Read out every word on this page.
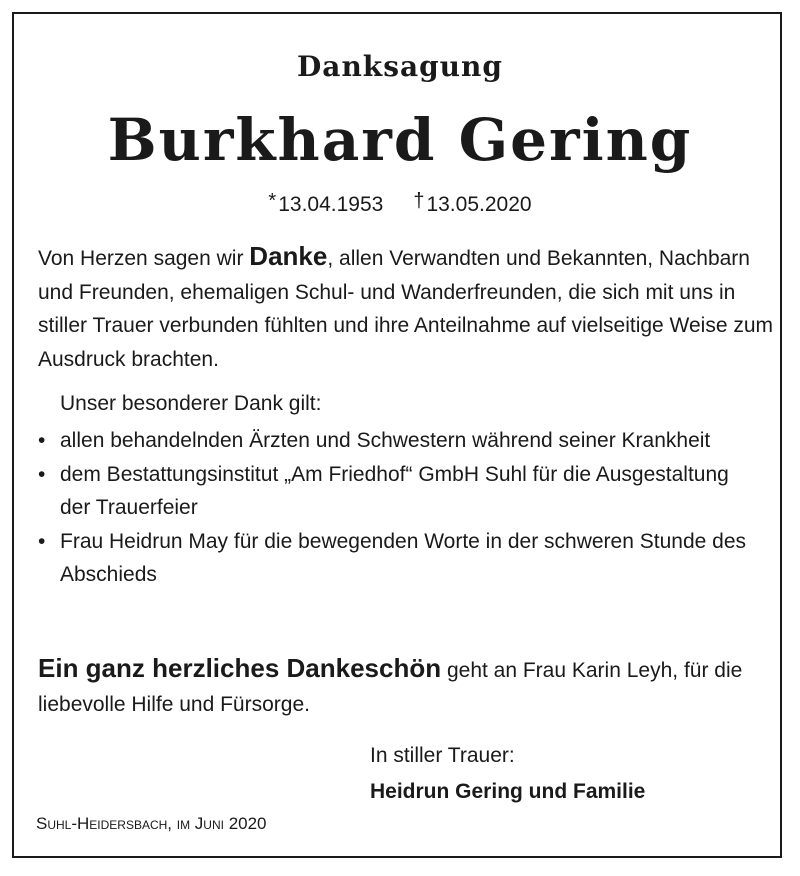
Danksagung
Burkhard Gering
*13.04.1953 †13.05.2020
Von Herzen sagen wir Danke, allen Verwandten und Bekannten, Nachbarn und Freunden, ehemaligen Schul- und Wanderfreunden, die sich mit uns in stiller Trauer verbunden fühlten und ihre Anteilnahme auf vielseitige Weise zum Ausdruck brachten.
Unser besonderer Dank gilt:
• allen behandelnden Ärzten und Schwestern während seiner Krankheit
• dem Bestattungsinstitut „Am Friedhof“ GmbH Suhl für die Ausgestaltung der Trauerfeier
• Frau Heidrun May für die bewegenden Worte in der schweren Stunde des Abschieds
Ein ganz herzliches Dankeschön geht an Frau Karin Leyh, für die liebevolle Hilfe und Fürsorge.
In stiller Trauer:
Heidrun Gering und Familie
Suhl-Heidersbach, im Juni 2020
